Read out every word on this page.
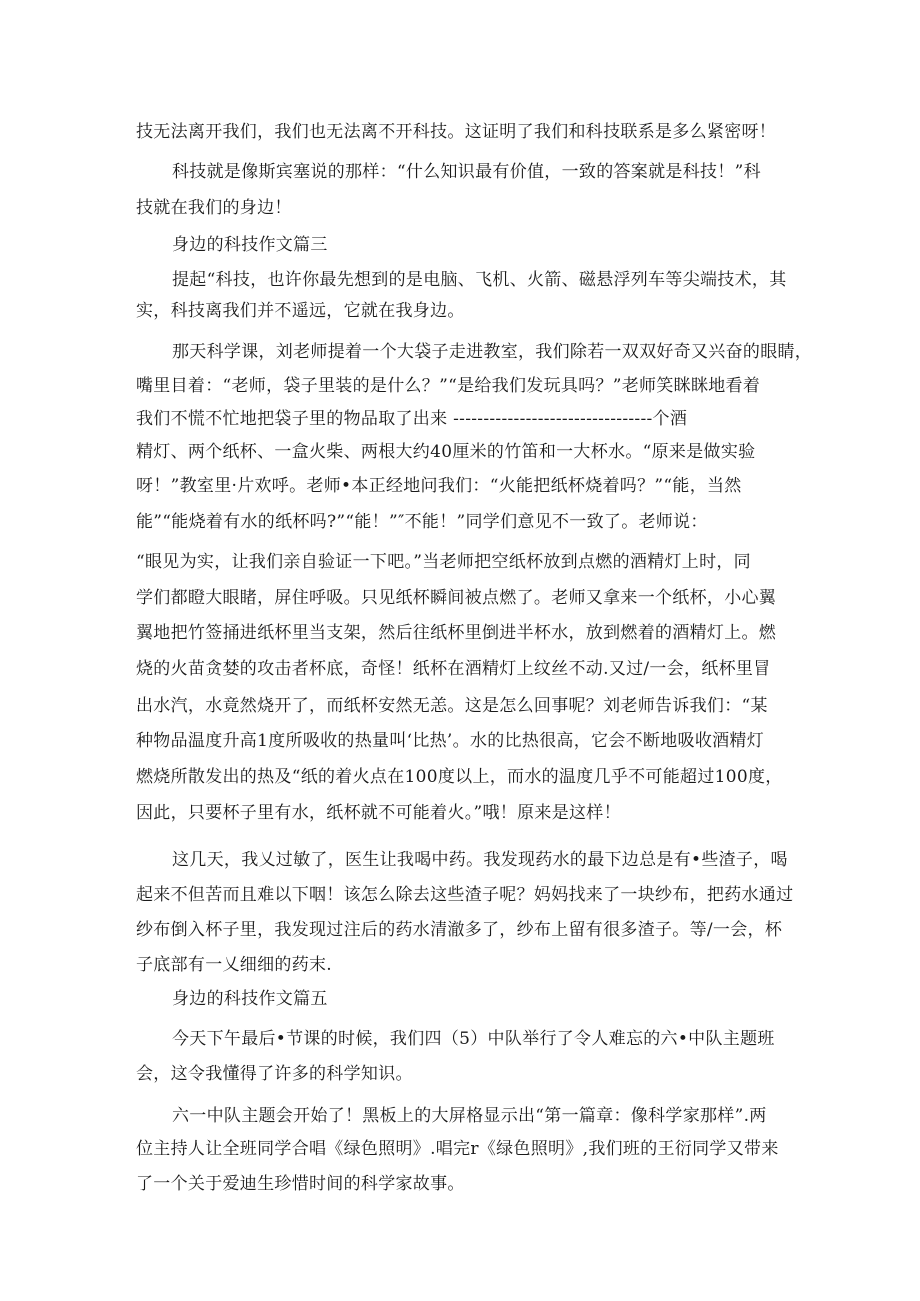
技无法离开我们，我们也无法离不开科技。这证明了我们和科技联系是多么紧密呀！
科技就是像斯宾塞说的那样：“什么知识最有价值，一致的答案就是科技！”科
技就在我们的身边！
身边的科技作文篇三
提起“科技，也许你最先想到的是电脑、飞机、火箭、磁悬浮列车等尖端技术，其
实，科技离我们并不遥远，它就在我身边。
那天科学课，刘老师提着一个大袋子走进教室，我们除若一双双好奇又兴奋的眼睛，
嘴里目着：“老师，袋子里装的是什么？”“是给我们发玩具吗？”老师笑眯眯地看着
我们不慌不忙地把袋子里的物品取了出来 ---------------------------------个酒
精灯、两个纸杯、一盒火柴、两根大约40厘米的竹笛和一大杯水。“原来是做实验
呀！”教室里·片欢呼。老师•本正经地问我们：“火能把纸杯烧着吗？”“能，当然
能”“能烧着有水的纸杯吗?”“能！”″不能！”同学们意见不一致了。老师说：
“眼见为实，让我们亲自验证一下吧。”当老师把空纸杯放到点燃的酒精灯上时，同
学们都瞪大眼睹，屏住呼吸。只见纸杯瞬间被点燃了。老师又拿来一个纸杯，小心翼
翼地把竹签捅进纸杯里当支架，然后往纸杯里倒进半杯水，放到燃着的酒精灯上。燃
烧的火苗贪婪的攻击者杯底，奇怪！纸杯在酒精灯上纹丝不动.又过/一会，纸杯里冒
出水汽，水竟然烧开了，而纸杯安然无恙。这是怎么回事呢？刘老师告诉我们：“某
种物品温度升高1度所吸收的热量叫‘比热’。水的比热很高，它会不断地吸收酒精灯
燃烧所散发出的热及“纸的着火点在100度以上，而水的温度几乎不可能超过100度，
因此，只要杯子里有水，纸杯就不可能着火。”哦！原来是这样！
这几天，我乂过敏了，医生让我喝中药。我发现药水的最下边总是有•些渣子，喝
起来不但苦而且难以下咽！该怎么除去这些渣子呢？妈妈找来了一块纱布，把药水通过
纱布倒入杯子里，我发现过注后的药水清澈多了，纱布上留有很多渣子。等/一会，杯
子底部有一乂细细的药末.
身边的科技作文篇五
今天下午最后•节课的时候，我们四（5）中队举行了令人难忘的六•中队主题班
会，这令我懂得了许多的科学知识。
六一中队主题会开始了！黑板上的大屏格显示出“第一篇章：像科学家那样”.两
位主持人让全班同学合唱《绿色照明》.唱完r《绿色照明》,我们班的王衍同学又带来
了一个关于爱迪生珍惜时间的科学家故事。
